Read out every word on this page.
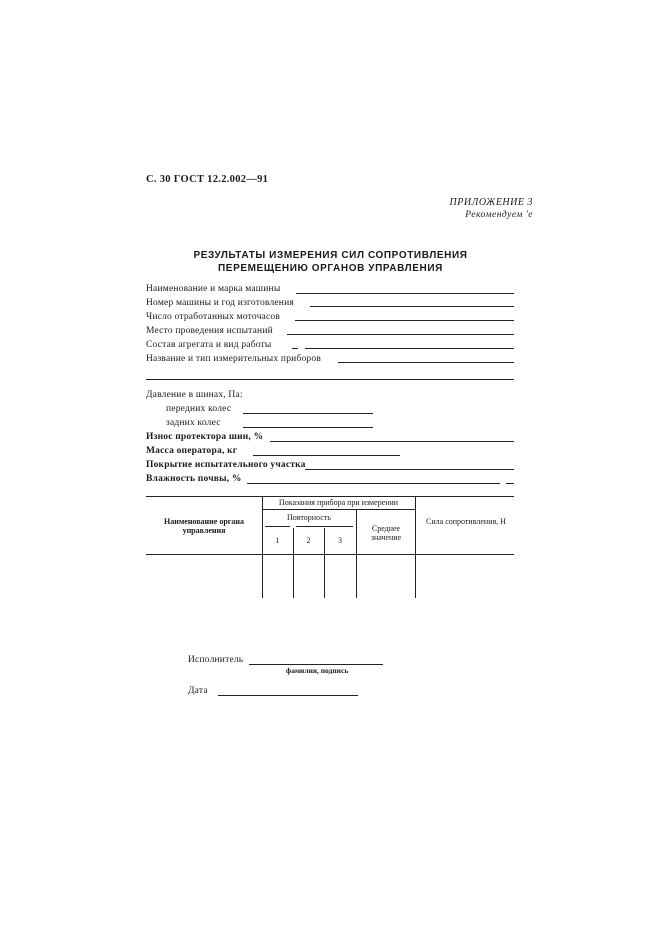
С. 30 ГОСТ 12.2.002—91
ПРИЛОЖЕНИЕ 3
Рекомендуем 'е
РЕЗУЛЬТАТЫ ИЗМЕРЕНИЯ СИЛ СОПРОТИВЛЕНИЯ
ПЕРЕМЕЩЕНИЮ ОРГАНОВ УПРАВЛЕНИЯ
Наименование и марка машины
Номер машины и год изготовления
Число отработанных моточасов
Место проведения испытаний
Состав агрегата и вид работы
Название и тип измерительных приборов
Давление в шинах, Па:
передних колес
задних колес
Износ протектора шин, %
Масса оператора, кг
Покрытие испытательного участка
Влажность почвы, %
Наименование органа управления
Показания прибора при измерении
Повторность
1	2	3
Среднее значение
Сила сопротивления, Н
Исполнитель
фамилия, подпись
Дата
